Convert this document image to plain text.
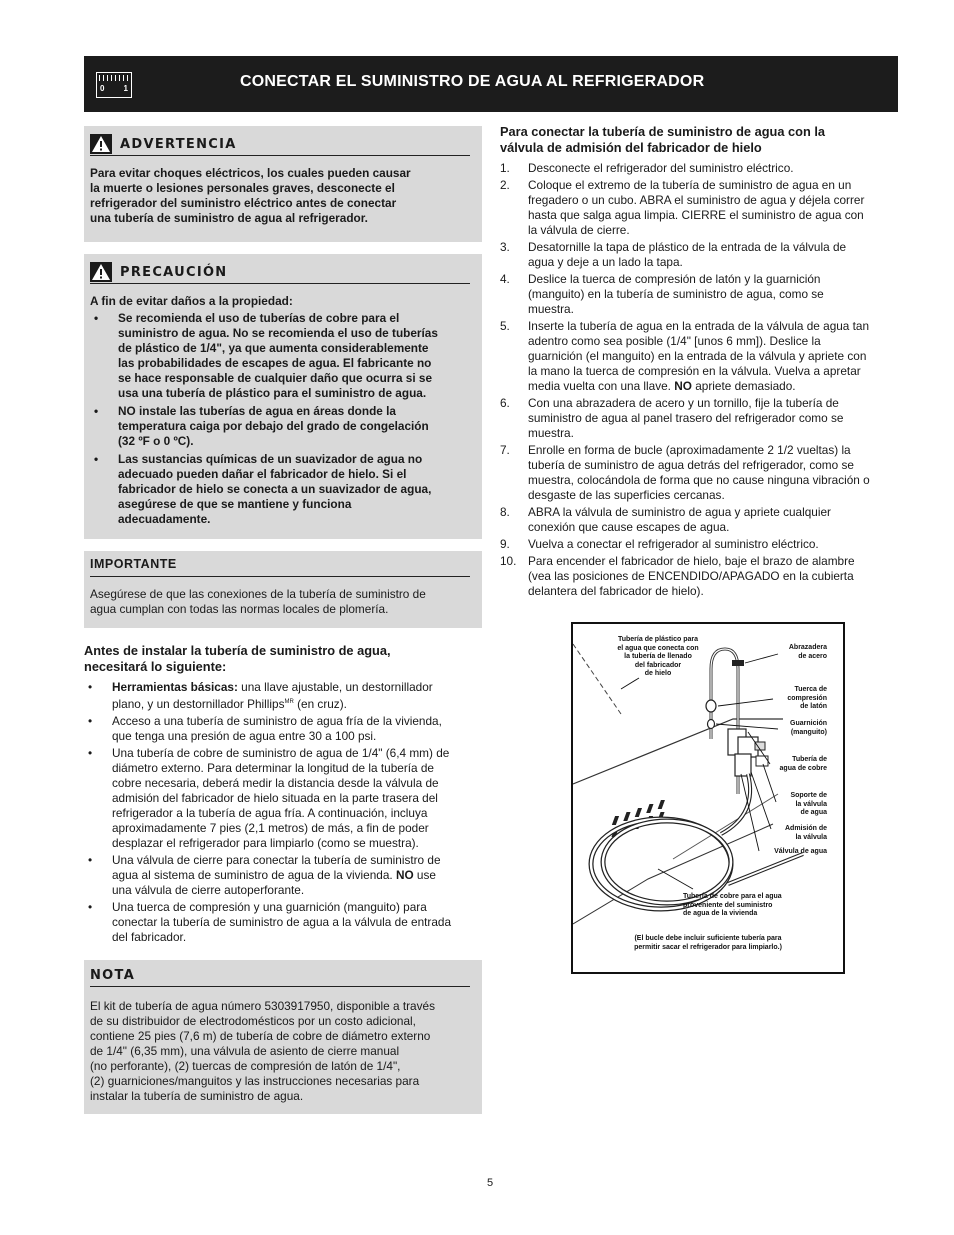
0 1	CONECTAR EL SUMINISTRO DE AGUA AL REFRIGERADOR
ADVERTENCIA

Para evitar choques eléctricos, los cuales pueden causar

la muerte o lesiones personales graves, desconecte el

refrigerador del suministro eléctrico antes de conectar

una tubería de suministro de agua al refrigerador.

PRECAUCIÓN

A fin de evitar daños a la propiedad:

• Se recomienda el uso de tuberías de cobre para el
suministro de agua. No se recomienda el uso de tuberías
de plástico de 1/4", ya que aumenta considerablemente
las probabilidades de escapes de agua. El fabricante no
se hace responsable de cualquier daño que ocurra si se
usa una tubería de plástico para el suministro de agua.
• NO instale las tuberías de agua en áreas donde la
temperatura caiga por debajo del grado de congelación
(32 ºF o 0 ºC).
• Las sustancias químicas de un suavizador de agua no
adecuado pueden dañar el fabricador de hielo. Si el
fabricador de hielo se conecta a un suavizador de agua,
asegúrese de que se mantiene y funciona
adecuadamente.
IMPORTANTE

Asegúrese de que las conexiones de la tubería de suministro de

agua cumplan con todas las normas locales de plomería.

Antes de instalar la tubería de suministro de agua,

necesitará lo siguiente:

• Herramientas básicas: una llave ajustable, un destornillador
plano, y un destornillador Phillips$^{MR}$ (en cruz).
• Acceso a una tubería de suministro de agua fría de la vivienda,
que tenga una presión de agua entre 30 a 100 psi.
• Una tubería de cobre de suministro de agua de 1/4" (6,4 mm) de
diámetro externo. Para determinar la longitud de la tubería de
cobre necesaria, deberá medir la distancia desde la válvula de
admisión del fabricador de hielo situada en la parte trasera del
refrigerador a la tubería de agua fría. A continuación, incluya
aproximadamente 7 pies (2,1 metros) de más, a fin de poder
desplazar el refrigerador para limpiarlo (como se muestra).
• Una válvula de cierre para conectar la tubería de suministro de
agua al sistema de suministro de agua de la vivienda. NO use
una válvula de cierre autoperforante.
• Una tuerca de compresión y una guarnición (manguito) para
conectar la tubería de suministro de agua a la válvula de entrada
del fabricador.
NOTA

El kit de tubería de agua número 5303917950, disponible a través

de su distribuidor de electrodomésticos por un costo adicional,

contiene 25 pies (7,6 m) de tubería de cobre de diámetro externo

de 1/4" (6,35 mm), una válvula de asiento de cierre manual

(no perforante), (2) tuercas de compresión de latón de 1/4",

(2) guarniciones/manguitos y las instrucciones necesarias para

instalar la tubería de suministro de agua.

Para conectar la tubería de suministro de agua con la

válvula de admisión del fabricador de hielo

1. Desconecte el refrigerador del suministro eléctrico.
2. Coloque el extremo de la tubería de suministro de agua en un
fregadero o un cubo. ABRA el suministro de agua y déjela correr
hasta que salga agua limpia. CIERRE el suministro de agua con
la válvula de cierre.
3. Desatornille la tapa de plástico de la entrada de la válvula de
agua y deje a un lado la tapa.
4. Deslice la tuerca de compresión de latón y la guarnición
(manguito) en la tubería de suministro de agua, como se
muestra.
5. Inserte la tubería de agua en la entrada de la válvula de agua tan
adentro como sea posible (1/4" [unos 6 mm]). Deslice la
guarnición (el manguito) en la entrada de la válvula y apriete con
la mano la tuerca de compresión en la válvula. Vuelva a apretar
media vuelta con una llave. NO apriete demasiado.
6. Con una abrazadera de acero y un tornillo, fije la tubería de
suministro de agua al panel trasero del refrigerador como se
muestra.
7. Enrolle en forma de bucle (aproximadamente 2 1/2 vueltas) la
tubería de suministro de agua detrás del refrigerador, como se
muestra, colocándola de forma que no cause ninguna vibración o
desgaste de las superficies cercanas.
8. ABRA la válvula de suministro de agua y apriete cualquier
conexión que cause escapes de agua.
9. Vuelva a conectar el refrigerador al suministro eléctrico.
10. Para encender el fabricador de hielo, baje el brazo de alambre
(vea las posiciones de ENCENDIDO/APAGADO en la cubierta
delantera del fabricador de hielo).
Tubería de plástico para
el agua que conecta con
la tubería de llenado
del fabricador
de hielo
Abrazadera
de acero
Tuerca de
compresión
de latón
Guarnición
(manguito)
Tubería de
agua de cobre
Soporte de
la válvula
de agua
Admisión de
la válvula
Válvula de agua
Tubería de cobre para el agua
proveniente del suministro
de agua de la vivienda
(El bucle debe incluir suficiente tubería para
permitir sacar el refrigerador para limpiarlo.)
5
